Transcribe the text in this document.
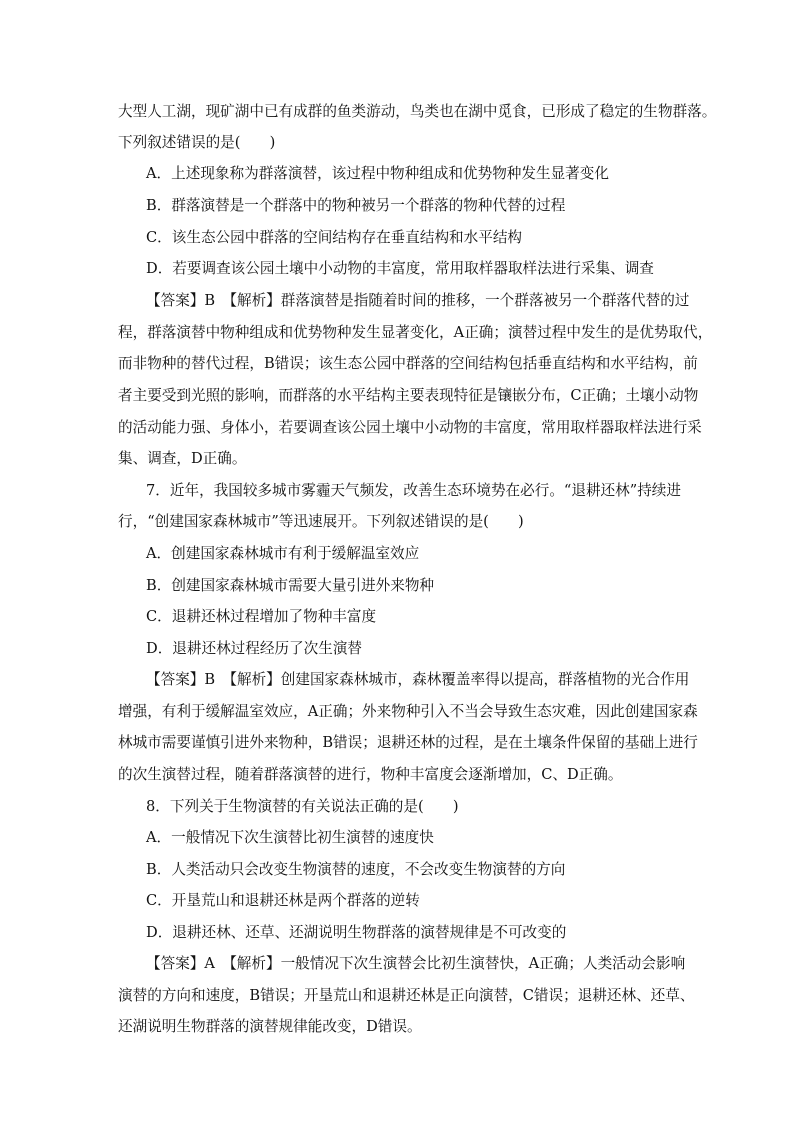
大型人工湖，现矿湖中已有成群的鱼类游动，鸟类也在湖中觅食，已形成了稳定的生物群落。
下列叙述错误的是(　　)
A．上述现象称为群落演替，该过程中物种组成和优势物种发生显著变化
B．群落演替是一个群落中的物种被另一个群落的物种代替的过程
C．该生态公园中群落的空间结构存在垂直结构和水平结构
D．若要调查该公园土壤中小动物的丰富度，常用取样器取样法进行采集、调查
【答案】B　【解析】群落演替是指随着时间的推移，一个群落被另一个群落代替的过
程，群落演替中物种组成和优势物种发生显著变化，A正确；演替过程中发生的是优势取代，
而非物种的替代过程，B错误；该生态公园中群落的空间结构包括垂直结构和水平结构，前
者主要受到光照的影响，而群落的水平结构主要表现特征是镶嵌分布，C正确；土壤小动物
的活动能力强、身体小，若要调查该公园土壤中小动物的丰富度，常用取样器取样法进行采
集、调查，D正确。
7．近年，我国较多城市雾霾天气频发，改善生态环境势在必行。“退耕还林”持续进
行，“创建国家森林城市”等迅速展开。下列叙述错误的是(　　)
A．创建国家森林城市有利于缓解温室效应
B．创建国家森林城市需要大量引进外来物种
C．退耕还林过程增加了物种丰富度
D．退耕还林过程经历了次生演替
【答案】B　【解析】创建国家森林城市，森林覆盖率得以提高，群落植物的光合作用
增强，有利于缓解温室效应，A正确；外来物种引入不当会导致生态灾难，因此创建国家森
林城市需要谨慎引进外来物种，B错误；退耕还林的过程，是在土壤条件保留的基础上进行
的次生演替过程，随着群落演替的进行，物种丰富度会逐渐增加，C、D正确。
8．下列关于生物演替的有关说法正确的是(　　)
A．一般情况下次生演替比初生演替的速度快
B．人类活动只会改变生物演替的速度，不会改变生物演替的方向
C．开垦荒山和退耕还林是两个群落的逆转
D．退耕还林、还草、还湖说明生物群落的演替规律是不可改变的
【答案】A　【解析】一般情况下次生演替会比初生演替快，A正确；人类活动会影响
演替的方向和速度，B错误；开垦荒山和退耕还林是正向演替，C错误；退耕还林、还草、
还湖说明生物群落的演替规律能改变，D错误。
